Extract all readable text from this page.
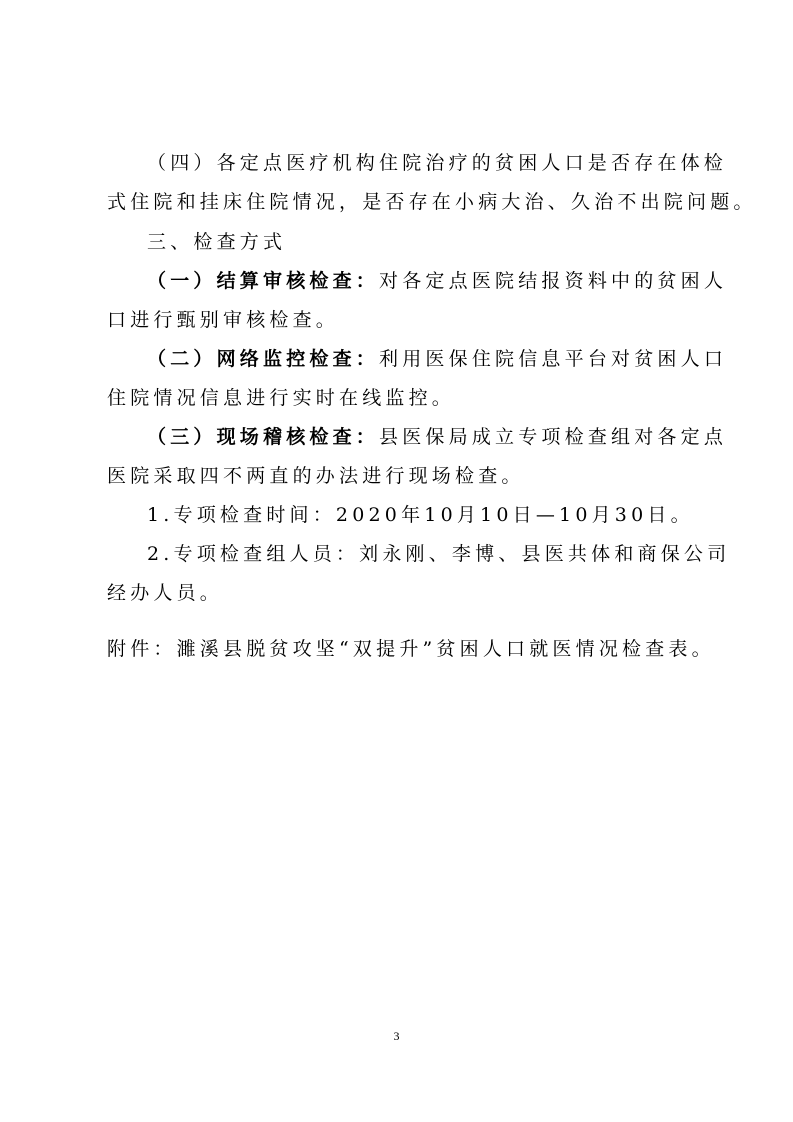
（四）各定点医疗机构住院治疗的贫困人口是否存在体检
式住院和挂床住院情况，是否存在小病大治、久治不出院问题。
三、检查方式
（一）结算审核检查：对各定点医院结报资料中的贫困人
口进行甄别审核检查。
（二）网络监控检查：利用医保住院信息平台对贫困人口
住院情况信息进行实时在线监控。
（三）现场稽核检查：县医保局成立专项检查组对各定点
医院采取四不两直的办法进行现场检查。
1.专项检查时间：2020年10月10日—10月30日。
2.专项检查组人员：刘永刚、李博、县医共体和商保公司
经办人员。
附件：濉溪县脱贫攻坚“双提升”贫困人口就医情况检查表。
3
